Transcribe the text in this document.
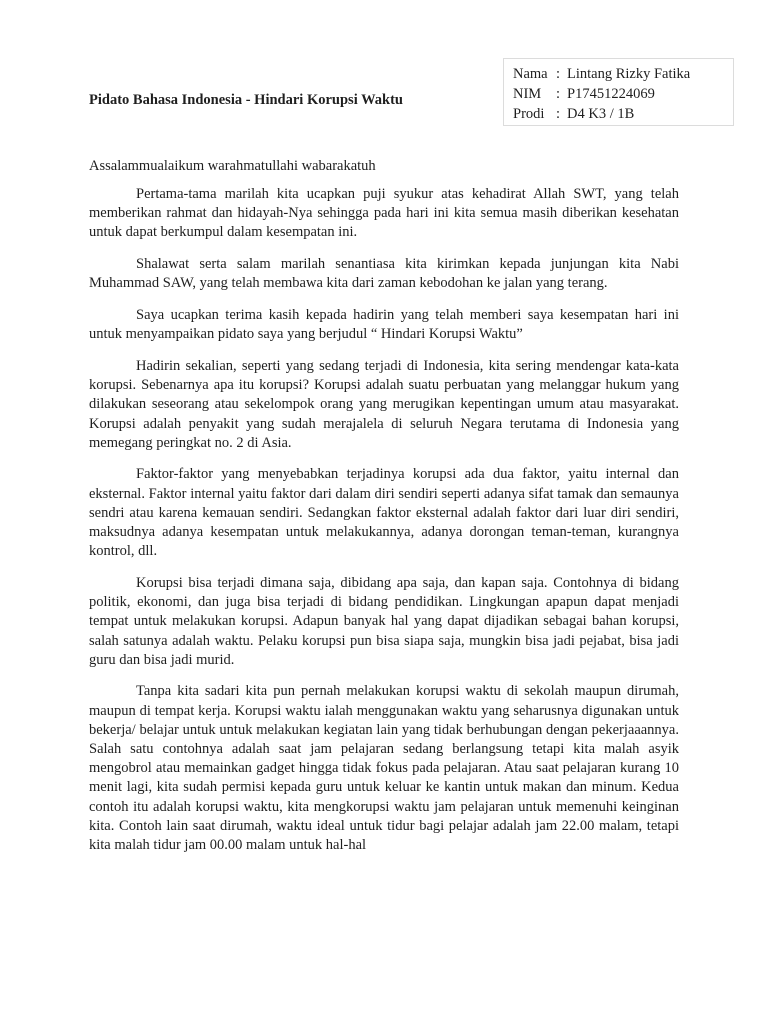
Nama : Lintang Rizky Fatika
NIM	: P17451224069
Prodi : D4 K3 / 1B
Pidato Bahasa Indonesia - Hindari Korupsi Waktu
Assalammualaikum warahmatullahi wabarakatuh

Pertama-tama marilah kita ucapkan puji syukur atas kehadirat Allah SWT, yang telah memberikan rahmat dan hidayah-Nya sehingga pada hari ini kita semua masih diberikan kesehatan untuk dapat berkumpul dalam kesempatan ini.

Shalawat serta salam marilah senantiasa kita kirimkan kepada junjungan kita Nabi Muhammad SAW, yang telah membawa kita dari zaman kebodohan ke jalan yang terang.

Saya ucapkan terima kasih kepada hadirin yang telah memberi saya kesempatan hari ini untuk menyampaikan pidato saya yang berjudul “ Hindari Korupsi Waktu”

Hadirin sekalian, seperti yang sedang terjadi di Indonesia, kita sering mendengar kata-kata korupsi. Sebenarnya apa itu korupsi? Korupsi adalah suatu perbuatan yang melanggar hukum yang dilakukan seseorang atau sekelompok orang yang merugikan kepentingan umum atau masyarakat. Korupsi adalah penyakit yang sudah merajalela di seluruh Negara terutama di Indonesia yang memegang peringkat no. 2 di Asia.

Faktor-faktor yang menyebabkan terjadinya korupsi ada dua faktor, yaitu internal dan eksternal. Faktor internal yaitu faktor dari dalam diri sendiri seperti adanya sifat tamak dan semaunya sendri atau karena kemauan sendiri. Sedangkan faktor eksternal adalah faktor dari luar diri sendiri, maksudnya adanya kesempatan untuk melakukannya, adanya dorongan teman-teman, kurangnya kontrol, dll.

Korupsi bisa terjadi dimana saja, dibidang apa saja, dan kapan saja. Contohnya di bidang politik, ekonomi, dan juga bisa terjadi di bidang pendidikan. Lingkungan apapun dapat menjadi tempat untuk melakukan korupsi. Adapun banyak hal yang dapat dijadikan sebagai bahan korupsi, salah satunya adalah waktu. Pelaku korupsi pun bisa siapa saja, mungkin bisa jadi pejabat, bisa jadi guru dan bisa jadi murid.

Tanpa kita sadari kita pun pernah melakukan korupsi waktu di sekolah maupun dirumah, maupun di tempat kerja. Korupsi waktu ialah menggunakan waktu yang seharusnya digunakan untuk bekerja/ belajar untuk untuk melakukan kegiatan lain yang tidak berhubungan dengan pekerjaaannya. Salah satu contohnya adalah saat jam pelajaran sedang berlangsung tetapi kita malah asyik mengobrol atau memainkan gadget hingga tidak fokus pada pelajaran. Atau saat pelajaran kurang 10 menit lagi, kita sudah permisi kepada guru untuk keluar ke kantin untuk makan dan minum. Kedua contoh itu adalah korupsi waktu, kita mengkorupsi waktu jam pelajaran untuk memenuhi keinginan kita. Contoh lain saat dirumah, waktu ideal untuk tidur bagi pelajar adalah jam 22.00 malam, tetapi kita malah tidur jam 00.00 malam untuk hal-hal
